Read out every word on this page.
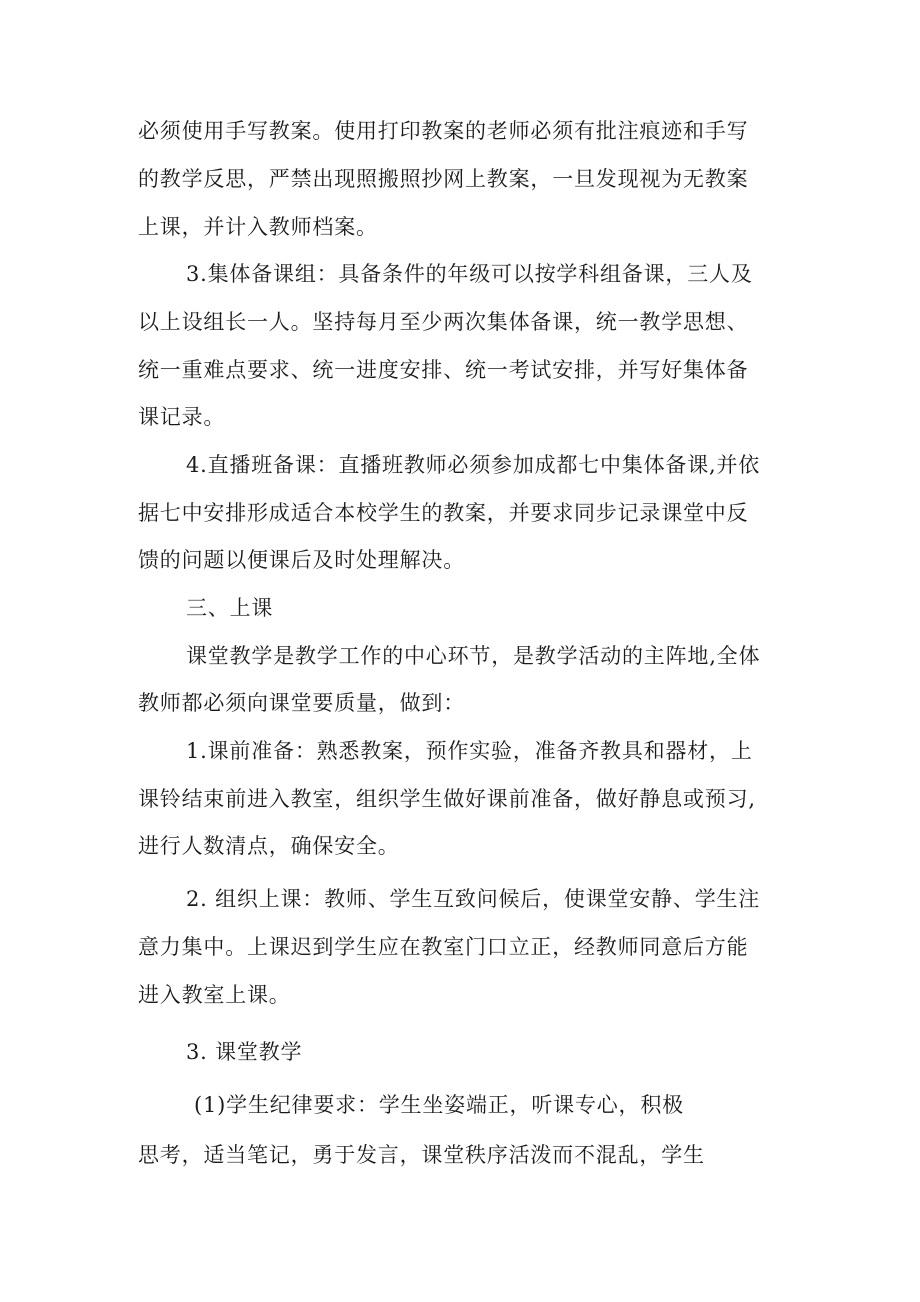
必须使用手写教案。使用打印教案的老师必须有批注痕迹和手写
的教学反思，严禁出现照搬照抄网上教案，一旦发现视为无教案
上课，并计入教师档案。
3.集体备课组：具备条件的年级可以按学科组备课，三人及
以上设组长一人。坚持每月至少两次集体备课，统一教学思想、
统一重难点要求、统一进度安排、统一考试安排，并写好集体备
课记录。
4.直播班备课：直播班教师必须参加成都七中集体备课,并依
据七中安排形成适合本校学生的教案，并要求同步记录课堂中反
馈的问题以便课后及时处理解决。
三、上课
课堂教学是教学工作的中心环节，是教学活动的主阵地,全体
教师都必须向课堂要质量，做到：
1.课前准备：熟悉教案，预作实验，准备齐教具和器材，上
课铃结束前进入教室，组织学生做好课前准备，做好静息或预习,
进行人数清点，确保安全。
2. 组织上课：教师、学生互致问候后，使课堂安静、学生注
意力集中。上课迟到学生应在教室门口立正，经教师同意后方能
进入教室上课。
3. 课堂教学
(1)学生纪律要求：学生坐姿端正，听课专心，积极
思考，适当笔记，勇于发言，课堂秩序活泼而不混乱，学生
